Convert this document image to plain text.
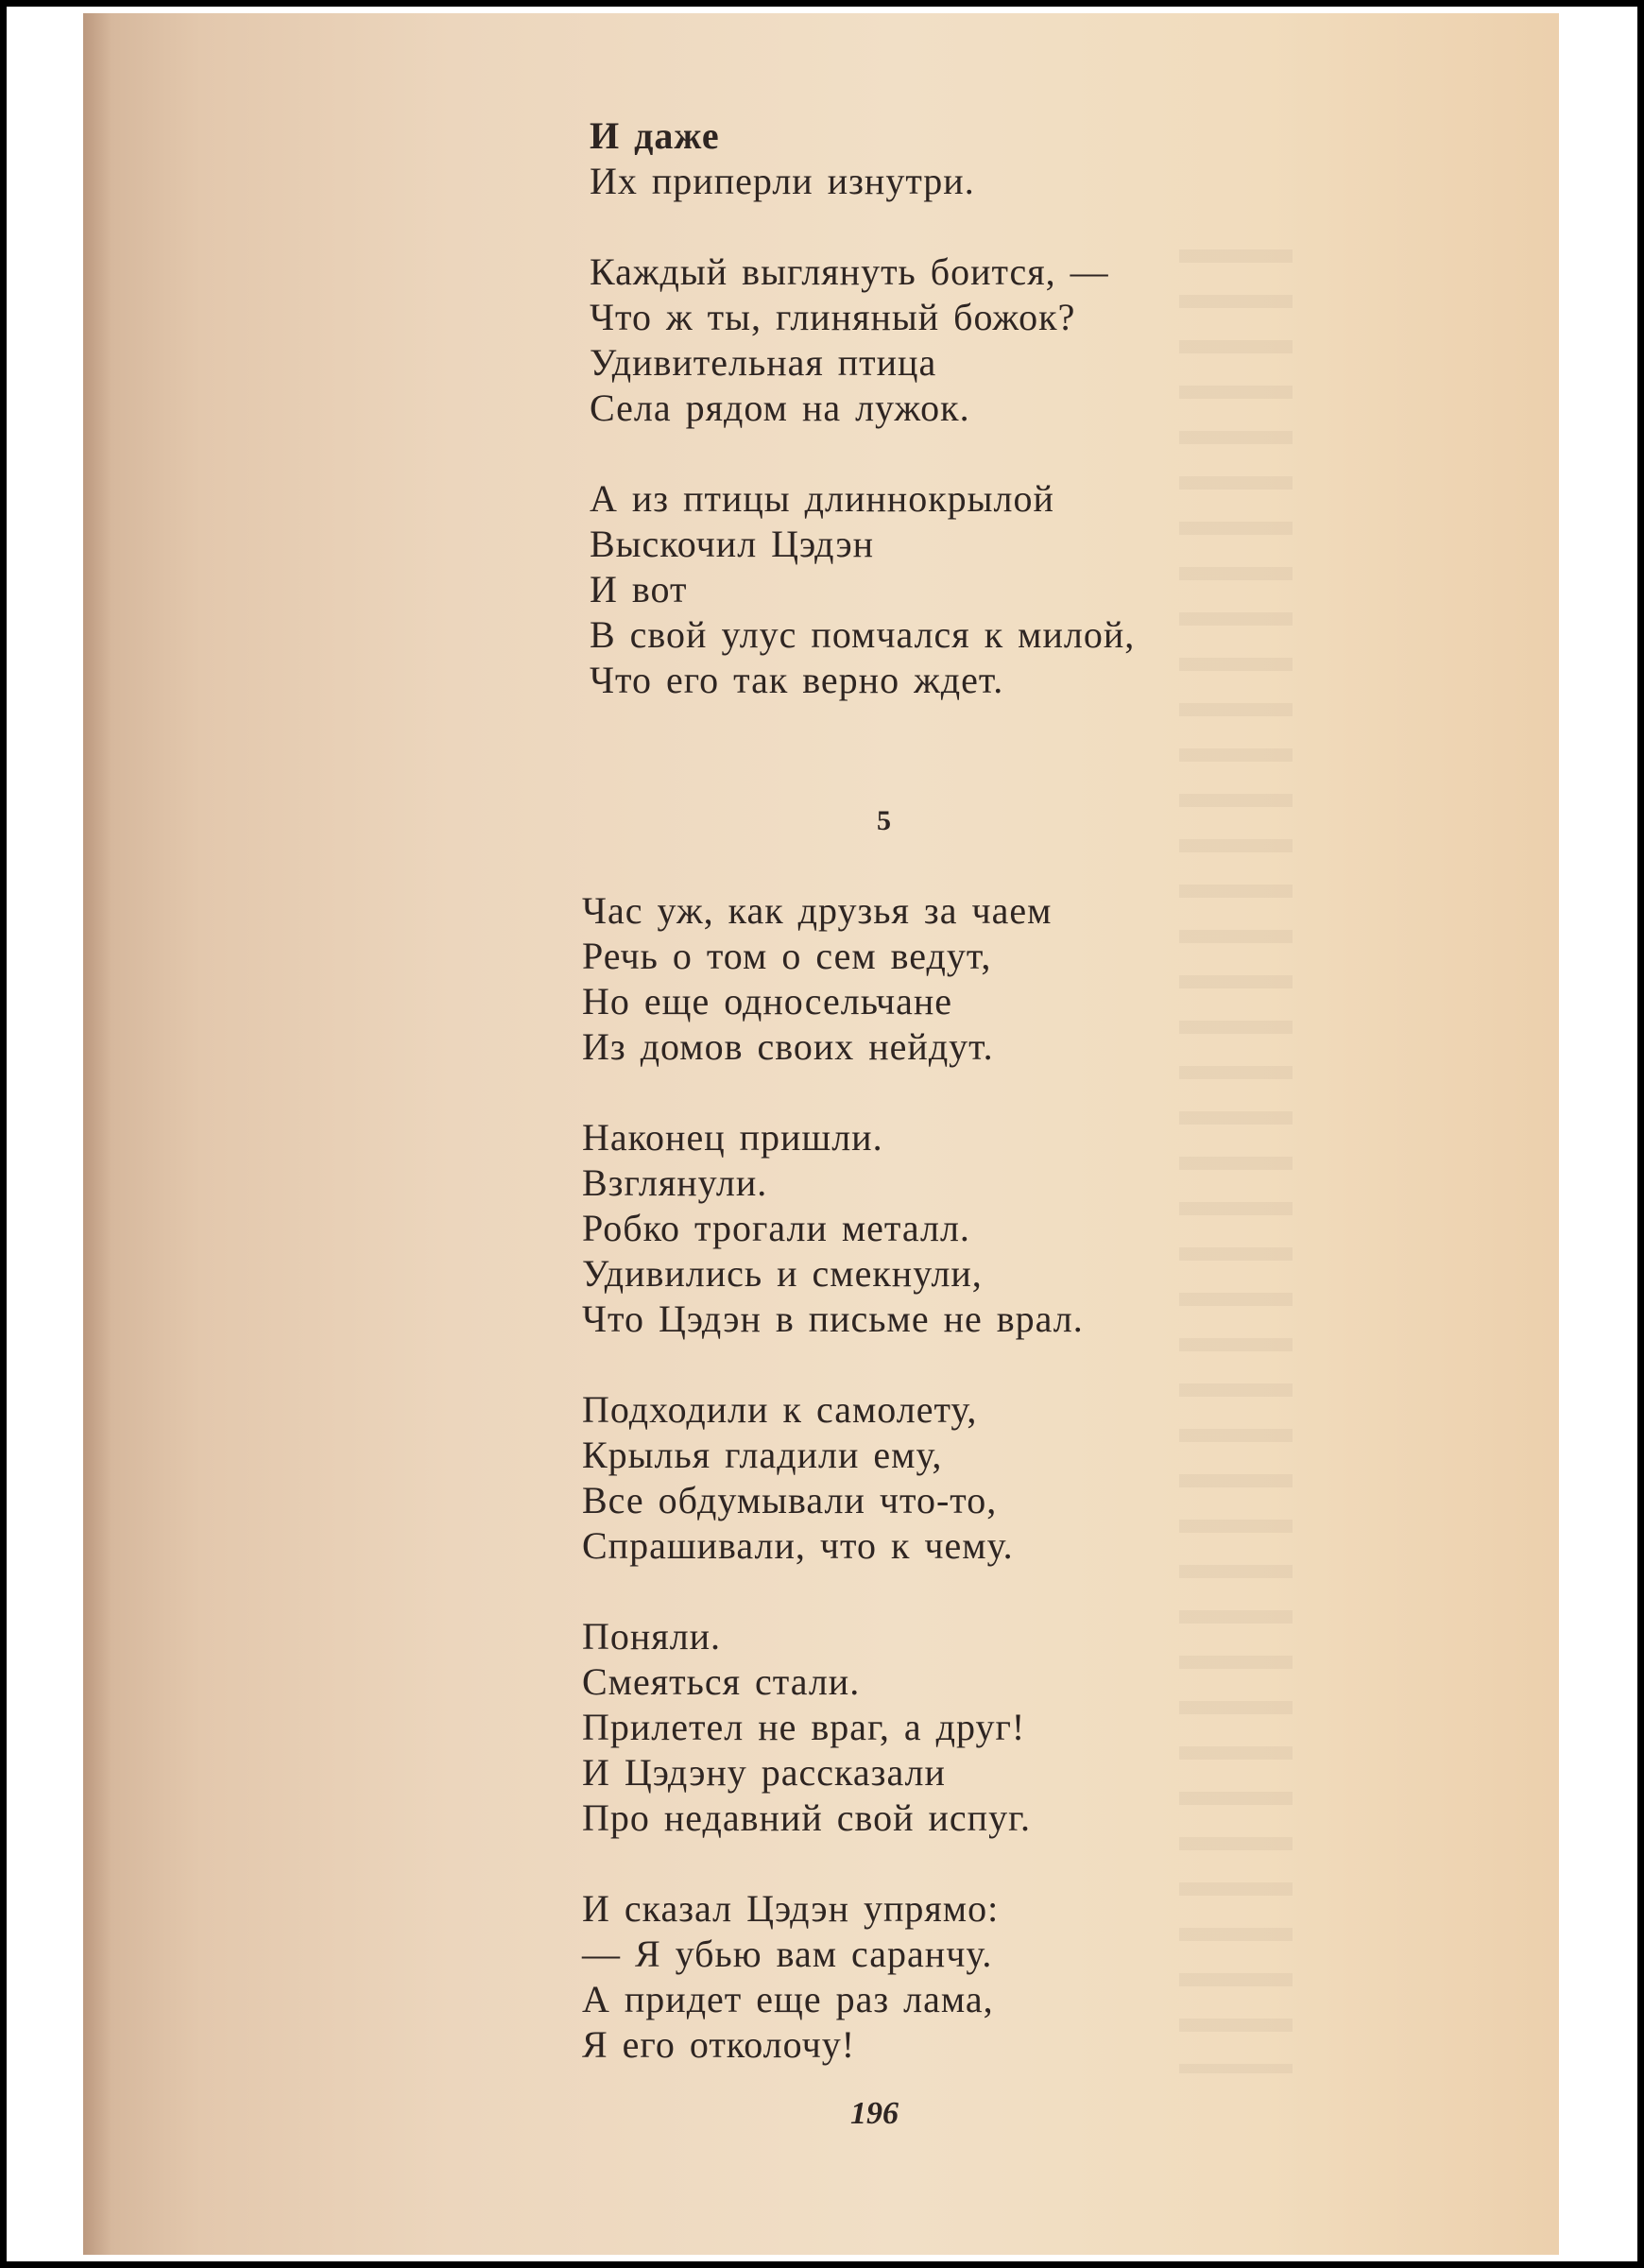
И даже
Их приперли изнутри.
Каждый выглянуть боится, —
Что ж ты, глиняный божок?
Удивительная птица
Села рядом на лужок.
А из птицы длиннокрылой
Выскочил Цэдэн
И вот
В свой улус помчался к милой,
Что его так верно ждет.
5
Час уж, как друзья за чаем
Речь о том о сем ведут,
Но еще односельчане
Из домов своих нейдут.
Наконец пришли.
Взглянули.
Робко трогали металл.
Удивились и смекнули,
Что Цэдэн в письме не врал.
Подходили к самолету,
Крылья гладили ему,
Все обдумывали что-то,
Спрашивали, что к чему.
Поняли.
Смеяться стали.
Прилетел не враг, а друг!
И Цэдэну рассказали
Про недавний свой испуг.
И сказал Цэдэн упрямо:
— Я убью вам саранчу.
А придет еще раз лама,
Я его отколочу!
196
